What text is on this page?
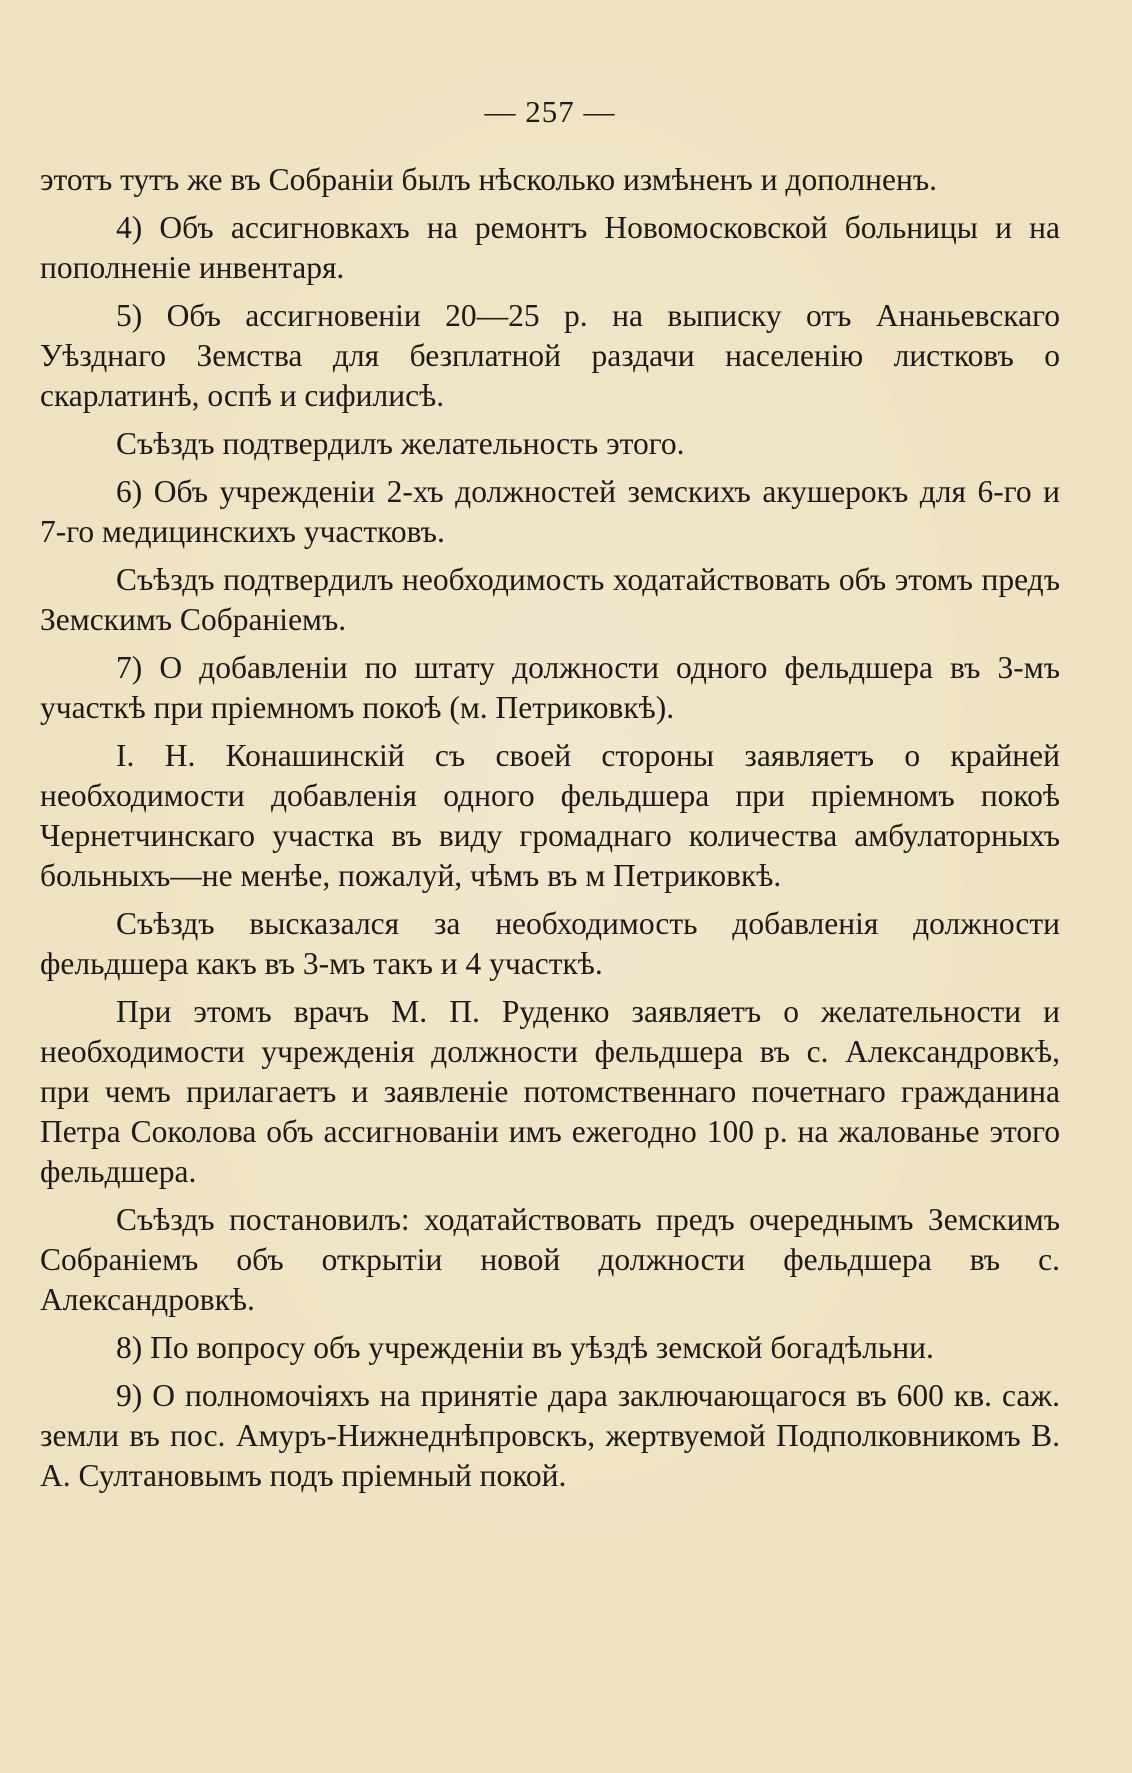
— 257 —

этотъ тутъ же въ Собраніи былъ нѣсколько измѣненъ и дополненъ.

4) Объ ассигновкахъ на ремонтъ Новомосковской больницы и на пополненіе инвентаря.

5) Объ ассигновеніи 20—25 р. на выписку отъ Ананьевскаго Уѣзднаго Земства для безплатной раздачи населенію листковъ о скарлатинѣ, оспѣ и сифилисѣ.

Съѣздъ подтвердилъ желательность этого.

6) Объ учрежденіи 2-хъ должностей земскихъ акушерокъ для 6-го и 7-го медицинскихъ участковъ.

Съѣздъ подтвердилъ необходимость ходатайствовать объ этомъ предъ Земскимъ Собраніемъ.

7) О добавленіи по штату должности одного фельдшера въ 3-мъ участкѣ при пріемномъ покоѣ (м. Петриковкѣ).

І. Н. Конашинскій съ своей стороны заявляетъ о крайней необходимости добавленія одного фельдшера при пріемномъ покоѣ Чернетчинскаго участка въ виду громаднаго количества амбулаторныхъ больныхъ—не менѣе, пожалуй, чѣмъ въ м Петриковкѣ.

Съѣздъ высказался за необходимость добавленія должности фельдшера какъ въ 3-мъ такъ и 4 участкѣ.

При этомъ врачъ М. П. Руденко заявляетъ о желательности и необходимости учрежденія должности фельдшера въ с. Александровкѣ, при чемъ прилагаетъ и заявленіе потомственнаго почетнаго гражданина Петра Соколова объ ассигнованіи имъ ежегодно 100 р. на жалованье этого фельдшера.

Съѣздъ постановилъ: ходатайствовать предъ очереднымъ Земскимъ Собраніемъ объ открытіи новой должности фельдшера въ с. Александровкѣ.

8) По вопросу объ учрежденіи въ уѣздѣ земской богадѣльни.

9) О полномочіяхъ на принятіе дара заключающагося въ 600 кв. саж. земли въ пос. Амуръ-Нижнеднѣпровскъ, жертвуемой Подполковникомъ В. А. Султановымъ подъ пріемный покой.
